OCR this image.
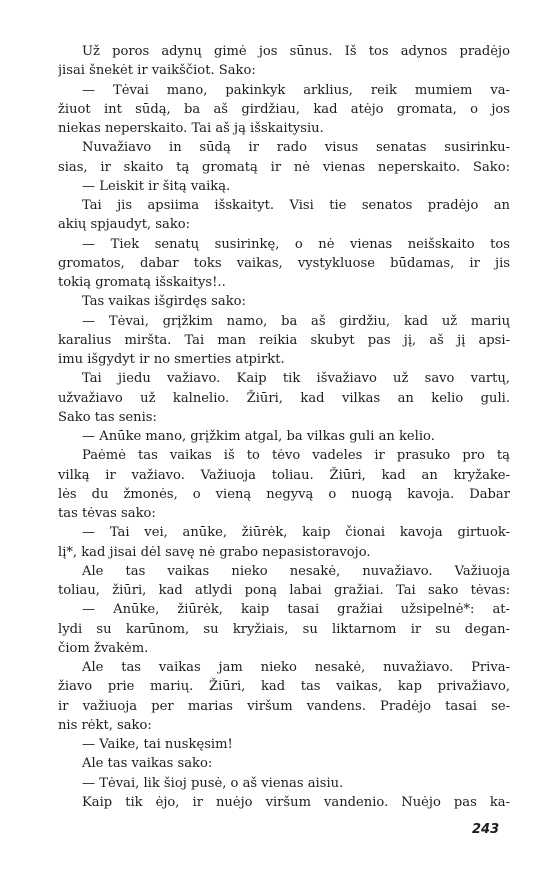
Už poros adynų gimė jos sūnus. Iš tos adynos pradėjo
jisai šnekėt ir vaikščiot. Sako:
— Tėvai mano, pakinkyk arklius, reik mumiem va-
žiuot int sūdą, ba aš girdžiau, kad atėjo gromata, o jos
niekas neperskaito. Tai aš ją išskaitysiu.
Nuvažiavo in sūdą ir rado visus senatas susirinku-
sias, ir skaito tą gromatą ir nė vienas neperskaito. Sako:
— Leiskit ir šitą vaiką.
Tai jis apsiima išskaityt. Visi tie senatos pradėjo an
akių spjaudyt, sako:
— Tiek senatų susirinkę, o nė vienas neišskaito tos
gromatos, dabar toks vaikas, vystykluose būdamas, ir jis
tokią gromatą išskaitys!..
Tas vaikas išgirdęs sako:
— Tėvai, grįžkim namo, ba aš girdžiu, kad už marių
karalius miršta. Tai man reikia skubyt pas jį, aš jį apsi-
imu išgydyt ir no smerties atpirkt.
Tai jiedu važiavo. Kaip tik išvažiavo už savo vartų,
užvažiavo už kalnelio. Žiūri, kad vilkas an kelio guli.
Sako tas senis:
— Anūke mano, grįžkim atgal, ba vilkas guli an kelio.
Paėmė tas vaikas iš to tėvo vadeles ir prasuko pro tą
vilką ir važiavo. Važiuoja toliau. Žiūri, kad an kryžake-
lės du žmonės, o vieną negyvą o nuogą kavoja. Dabar
tas tėvas sako:
— Tai vei, anūke, žiūrėk, kaip čionai kavoja girtuok-
lį*, kad jisai dėl savę nė grabo nepasistoravojo.
Ale tas vaikas nieko nesakė, nuvažiavo. Važiuoja
toliau, žiūri, kad atlydi poną labai gražiai. Tai sako tėvas:
— Anūke, žiūrėk, kaip tasai gražiai užsipelnė*: at-
lydi su karūnom, su kryžiais, su liktarnom ir su degan-
čiom žvakėm.
Ale tas vaikas jam nieko nesakė, nuvažiavo. Priva-
žiavo prie marių. Žiūri, kad tas vaikas, kap privažiavo,
ir važiuoja per marias viršum vandens. Pradėjo tasai se-
nis rėkt, sako:
— Vaike, tai nuskęsim!
Ale tas vaikas sako:
— Tėvai, lik šioj pusė, o aš vienas aisiu.
Kaip tik ėjo, ir nuėjo viršum vandenio. Nuėjo pas ka-
243
